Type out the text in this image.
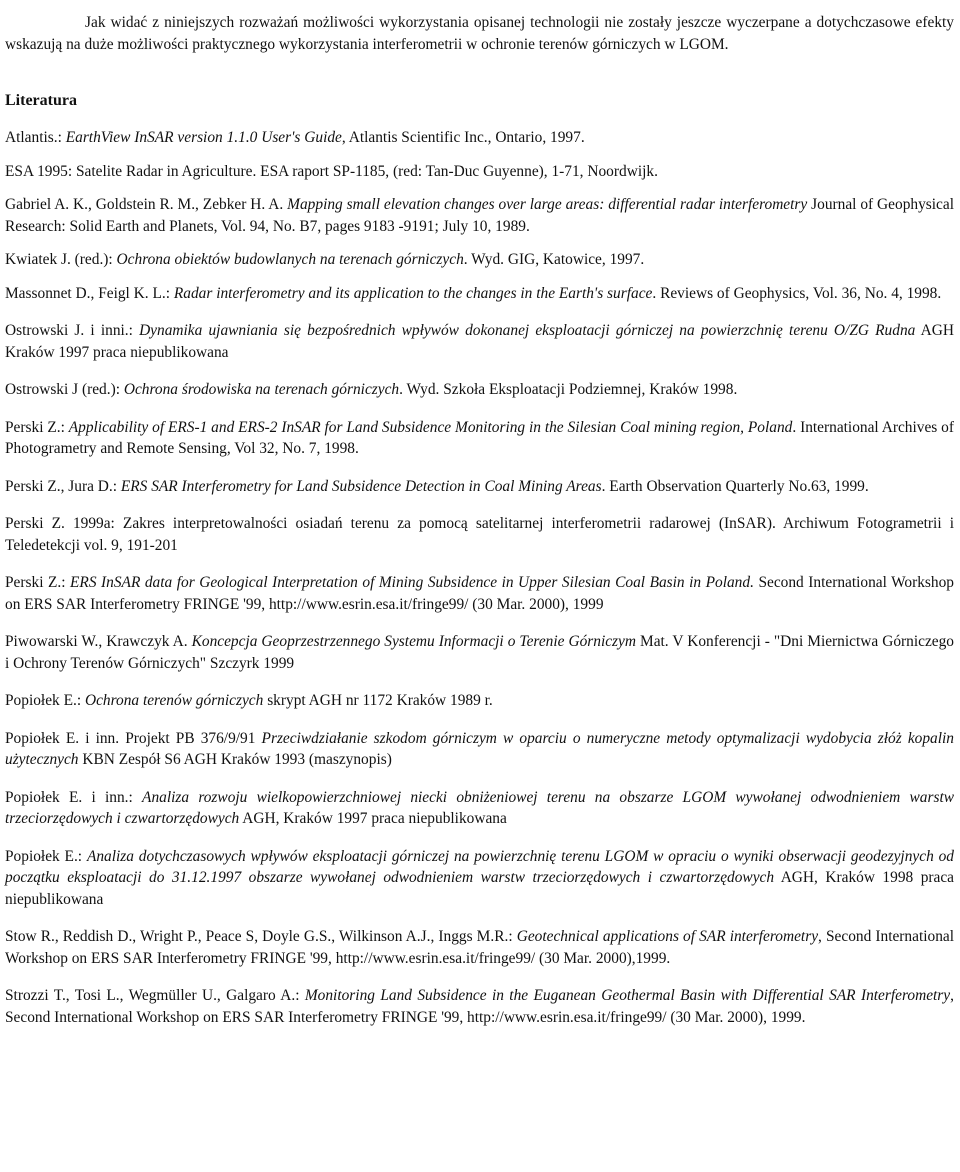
Jak widać z niniejszych rozważań możliwości wykorzystania opisanej technologii nie zostały jeszcze wyczerpane a dotychczasowe efekty wskazują na duże możliwości praktycznego wykorzystania interferometrii w ochronie terenów górniczych w LGOM.

Literatura

Atlantis.: EarthView InSAR version 1.1.0 User's Guide, Atlantis Scientific Inc., Ontario, 1997.

ESA 1995: Satelite Radar in Agriculture. ESA raport SP-1185, (red: Tan-Duc Guyenne), 1-71, Noordwijk.

Gabriel A. K., Goldstein R. M., Zebker H. A. Mapping small elevation changes over large areas: differential radar interferometry Journal of Geophysical Research: Solid Earth and Planets, Vol. 94, No. B7, pages 9183 -9191; July 10, 1989.

Kwiatek J. (red.): Ochrona obiektów budowlanych na terenach górniczych. Wyd. GIG, Katowice, 1997.

Massonnet D., Feigl K. L.: Radar interferometry and its application to the changes in the Earth's surface. Reviews of Geophysics, Vol. 36, No. 4, 1998.

Ostrowski J. i inni.: Dynamika ujawniania się bezpośrednich wpływów dokonanej eksploatacji górniczej na powierzchnię terenu O/ZG Rudna AGH Kraków 1997 praca niepublikowana

Ostrowski J (red.): Ochrona środowiska na terenach górniczych. Wyd. Szkoła Eksploatacji Podziemnej, Kraków 1998.

Perski Z.: Applicability of ERS-1 and ERS-2 InSAR for Land Subsidence Monitoring in the Silesian Coal mining region, Poland. International Archives of Photogrametry and Remote Sensing, Vol 32, No. 7, 1998.

Perski Z., Jura D.: ERS SAR Interferometry for Land Subsidence Detection in Coal Mining Areas. Earth Observation Quarterly No.63, 1999.

Perski Z. 1999a: Zakres interpretowalności osiadań terenu za pomocą satelitarnej interferometrii radarowej (InSAR). Archiwum Fotogrametrii i Teledetekcji vol. 9, 191-201

Perski Z.: ERS InSAR data for Geological Interpretation of Mining Subsidence in Upper Silesian Coal Basin in Poland. Second International Workshop on ERS SAR Interferometry FRINGE '99, http://www.esrin.esa.it/fringe99/ (30 Mar. 2000), 1999

Piwowarski W., Krawczyk A. Koncepcja Geoprzestrzennego Systemu Informacji o Terenie Górniczym Mat. V Konferencji - "Dni Miernictwa Górniczego i Ochrony Terenów Górniczych" Szczyrk 1999

Popiołek E.: Ochrona terenów górniczych skrypt AGH nr 1172 Kraków 1989 r.

Popiołek E. i inn. Projekt PB 376/9/91 Przeciwdziałanie szkodom górniczym w oparciu o numeryczne metody optymalizacji wydobycia złóż kopalin użytecznych KBN Zespół S6 AGH Kraków 1993 (maszynopis)

Popiołek E. i inn.: Analiza rozwoju wielkopowierzchniowej niecki obniżeniowej terenu na obszarze LGOM wywołanej odwodnieniem warstw trzeciorzędowych i czwartorzędowych AGH, Kraków 1997 praca niepublikowana

Popiołek E.: Analiza dotychczasowych wpływów eksploatacji górniczej na powierzchnię terenu LGOM w opraciu o wyniki obserwacji geodezyjnych od początku eksploatacji do 31.12.1997 obszarze wywołanej odwodnieniem warstw trzeciorzędowych i czwartorzędowych AGH, Kraków 1998 praca niepublikowana

Stow R., Reddish D., Wright P., Peace S, Doyle G.S., Wilkinson A.J., Inggs M.R.: Geotechnical applications of SAR interferometry, Second International Workshop on ERS SAR Interferometry FRINGE '99, http://www.esrin.esa.it/fringe99/ (30 Mar. 2000),1999.

Strozzi T., Tosi L., Wegmüller U., Galgaro A.: Monitoring Land Subsidence in the Euganean Geothermal Basin with Differential SAR Interferometry, Second International Workshop on ERS SAR Interferometry FRINGE '99, http://www.esrin.esa.it/fringe99/ (30 Mar. 2000), 1999.
